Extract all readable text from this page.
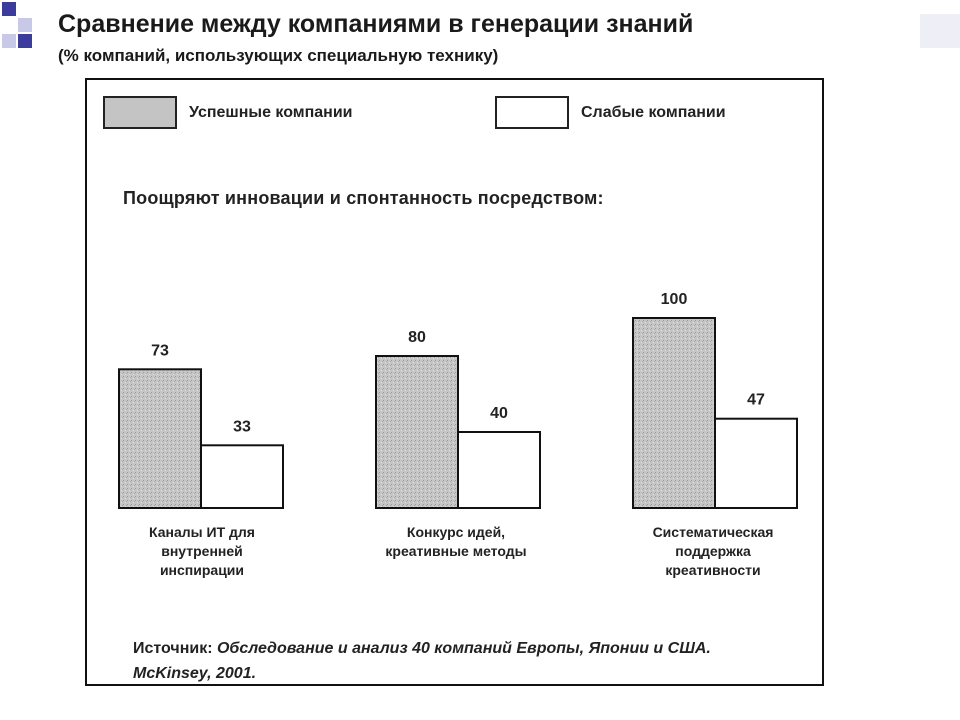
Сравнение между компаниями в генерации знаний
(% компаний, использующих специальную технику)
Успешные компании	Слабые компании
Поощряют инновации и спонтанность посредством:
73
33
80
40
100
47
Каналы ИТ для
внутренней
инспирации
Конкурс идей,
креативные методы
Систематическая
поддержка
креативности
Источник: Обследование и анализ 40 компаний Европы, Японии и США. McKinsey, 2001.
